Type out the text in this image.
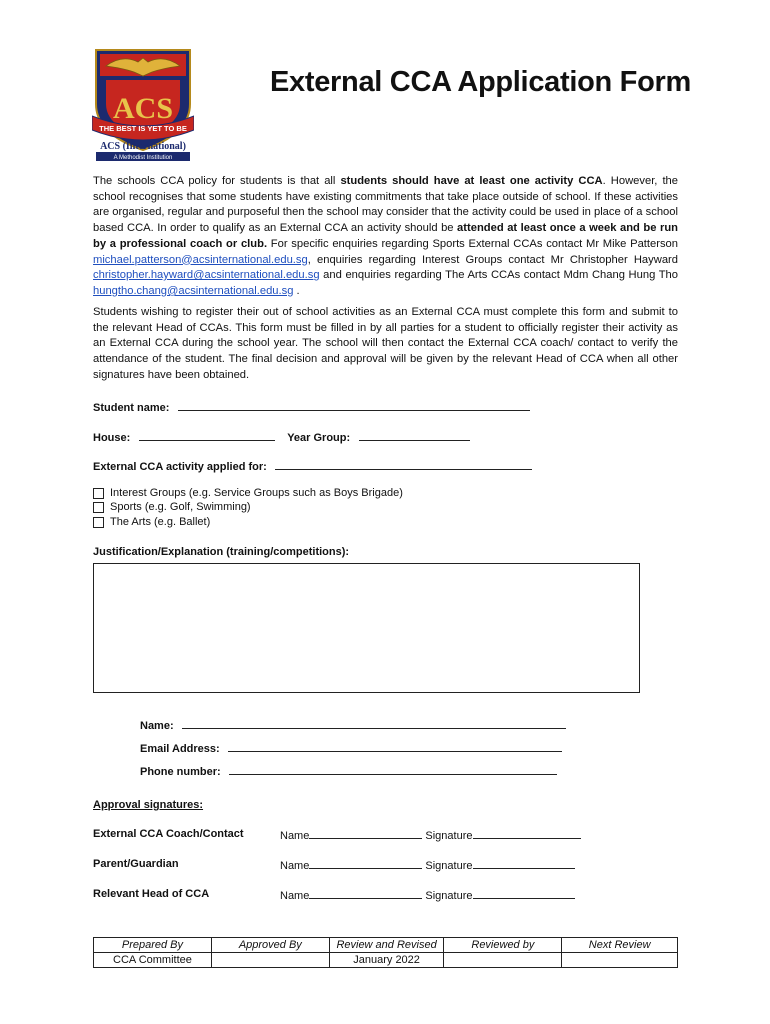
ACS
THE BEST IS YET TO BE
ACS (International)
A Methodist Institution
External CCA Application Form
The schools CCA policy for students is that all students should have at least one activity CCA. However, the school recognises that some students have existing commitments that take place outside of school. If these activities are organised, regular and purposeful then the school may consider that the activity could be used in place of a school based CCA. In order to qualify as an External CCA an activity should be attended at least once a week and be run by a professional coach or club. For specific enquiries regarding Sports External CCAs contact Mr Mike Patterson michael.patterson@acsinternational.edu.sg, enquiries regarding Interest Groups contact Mr Christopher Hayward christopher.hayward@acsinternational.edu.sg and enquiries regarding The Arts CCAs contact Mdm Chang Hung Tho hungtho.chang@acsinternational.edu.sg .
Students wishing to register their out of school activities as an External CCA must complete this form and submit to the relevant Head of CCAs. This form must be filled in by all parties for a student to officially register their activity as an External CCA during the school year. The school will then contact the External CCA coach/ contact to verify the attendance of the student. The final decision and approval will be given by the relevant Head of CCA when all other signatures have been obtained.
Student name:
House:	Year Group:
External CCA activity applied for:
Interest Groups (e.g. Service Groups such as Boys Brigade)
Sports (e.g. Golf, Swimming)
The Arts (e.g. Ballet)
Justification/Explanation (training/competitions):
Name:
Email Address:
Phone number:
Approval signatures:
External CCA Coach/Contact	Name	Signature
Parent/Guardian	Name	Signature
Relevant Head of CCA	Name	Signature
Prepared By	Approved By	Review and Revised	Reviewed by	Next Review
CCA Committee		January 2022		
